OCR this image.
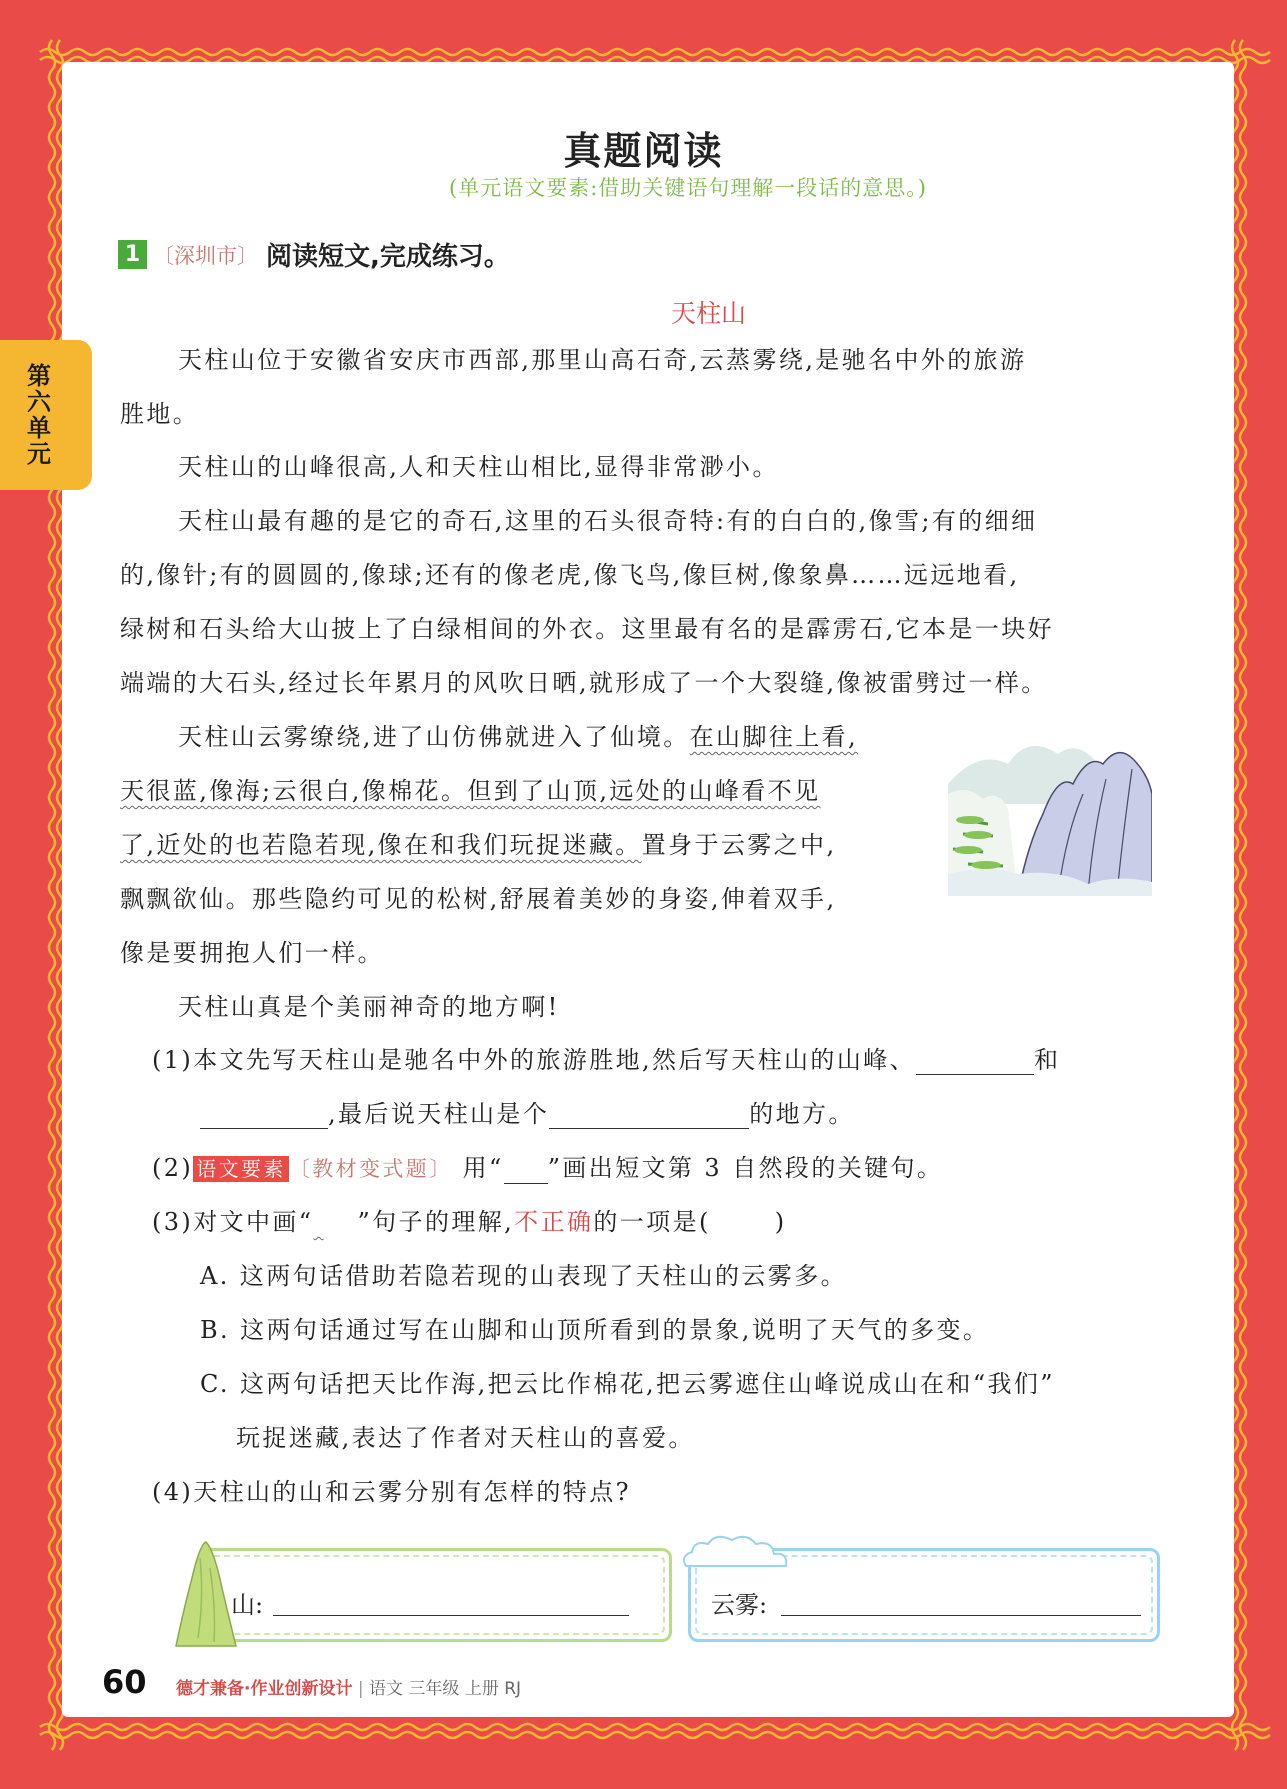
第六单元
真题阅读
(单元语文要素:借助关键语句理解一段话的意思。)
1 〔深圳市〕 阅读短文,完成练习。
天柱山
天柱山位于安徽省安庆市西部,那里山高石奇,云蒸雾绕,是驰名中外的旅游
胜地。
天柱山的山峰很高,人和天柱山相比,显得非常渺小。
天柱山最有趣的是它的奇石,这里的石头很奇特:有的白白的,像雪;有的细细
的,像针;有的圆圆的,像球;还有的像老虎,像飞鸟,像巨树,像象鼻……远远地看,
绿树和石头给大山披上了白绿相间的外衣。这里最有名的是霹雳石,它本是一块好
端端的大石头,经过长年累月的风吹日晒,就形成了一个大裂缝,像被雷劈过一样。
天柱山云雾缭绕,进了山仿佛就进入了仙境。在山脚往上看,
天很蓝,像海;云很白,像棉花。但到了山顶,远处的山峰看不见
了,近处的也若隐若现,像在和我们玩捉迷藏。置身于云雾之中,
飘飘欲仙。那些隐约可见的松树,舒展着美妙的身姿,伸着双手,
像是要拥抱人们一样。
天柱山真是个美丽神奇的地方啊!
(1)本文先写天柱山是驰名中外的旅游胜地,然后写天柱山的山峰、	和
,最后说天柱山是个	的地方。
(2) 语文要素 〔教材变式题〕 用“ ”画出短文第 3 自然段的关键句。
(3)对文中画“ ”句子的理解,不正确的一项是(	)
A. 这两句话借助若隐若现的山表现了天柱山的云雾多。
B. 这两句话通过写在山脚和山顶所看到的景象,说明了天气的多变。
C. 这两句话把天比作海,把云比作棉花,把云雾遮住山峰说成山在和“我们”
玩捉迷藏,表达了作者对天柱山的喜爱。
(4)天柱山的山和云雾分别有怎样的特点?
山:	云雾:
60 德才兼备·作业创新设计 | 语文 三年级 上册 RJ
